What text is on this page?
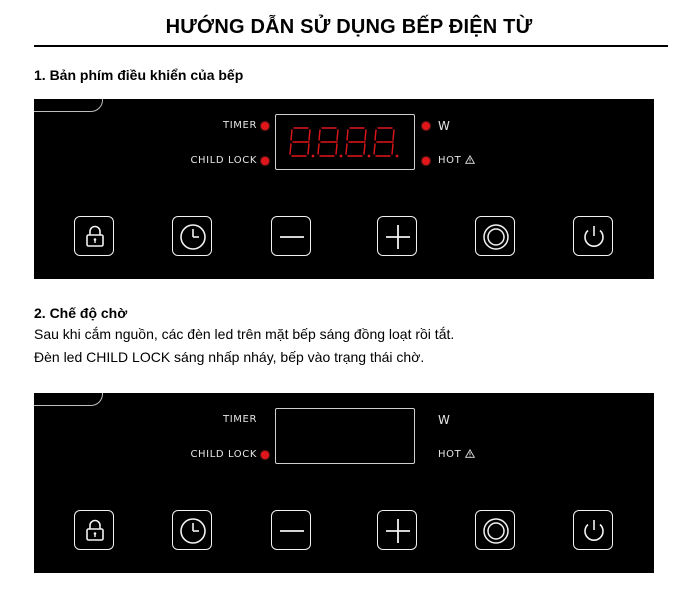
HƯỚNG DẪN SỬ DỤNG BẾP ĐIỆN TỪ
1. Bản phím điều khiển của bếp
TIMER
CHILD LOCK
W
HOT
2. Chế độ chờ
Sau khi cắm nguồn, các đèn led trên mặt bếp sáng đồng loạt rồi tắt.
Đèn led CHILD LOCK sáng nhấp nháy, bếp vào trạng thái chờ.
TIMER
CHILD LOCK
W
HOT
